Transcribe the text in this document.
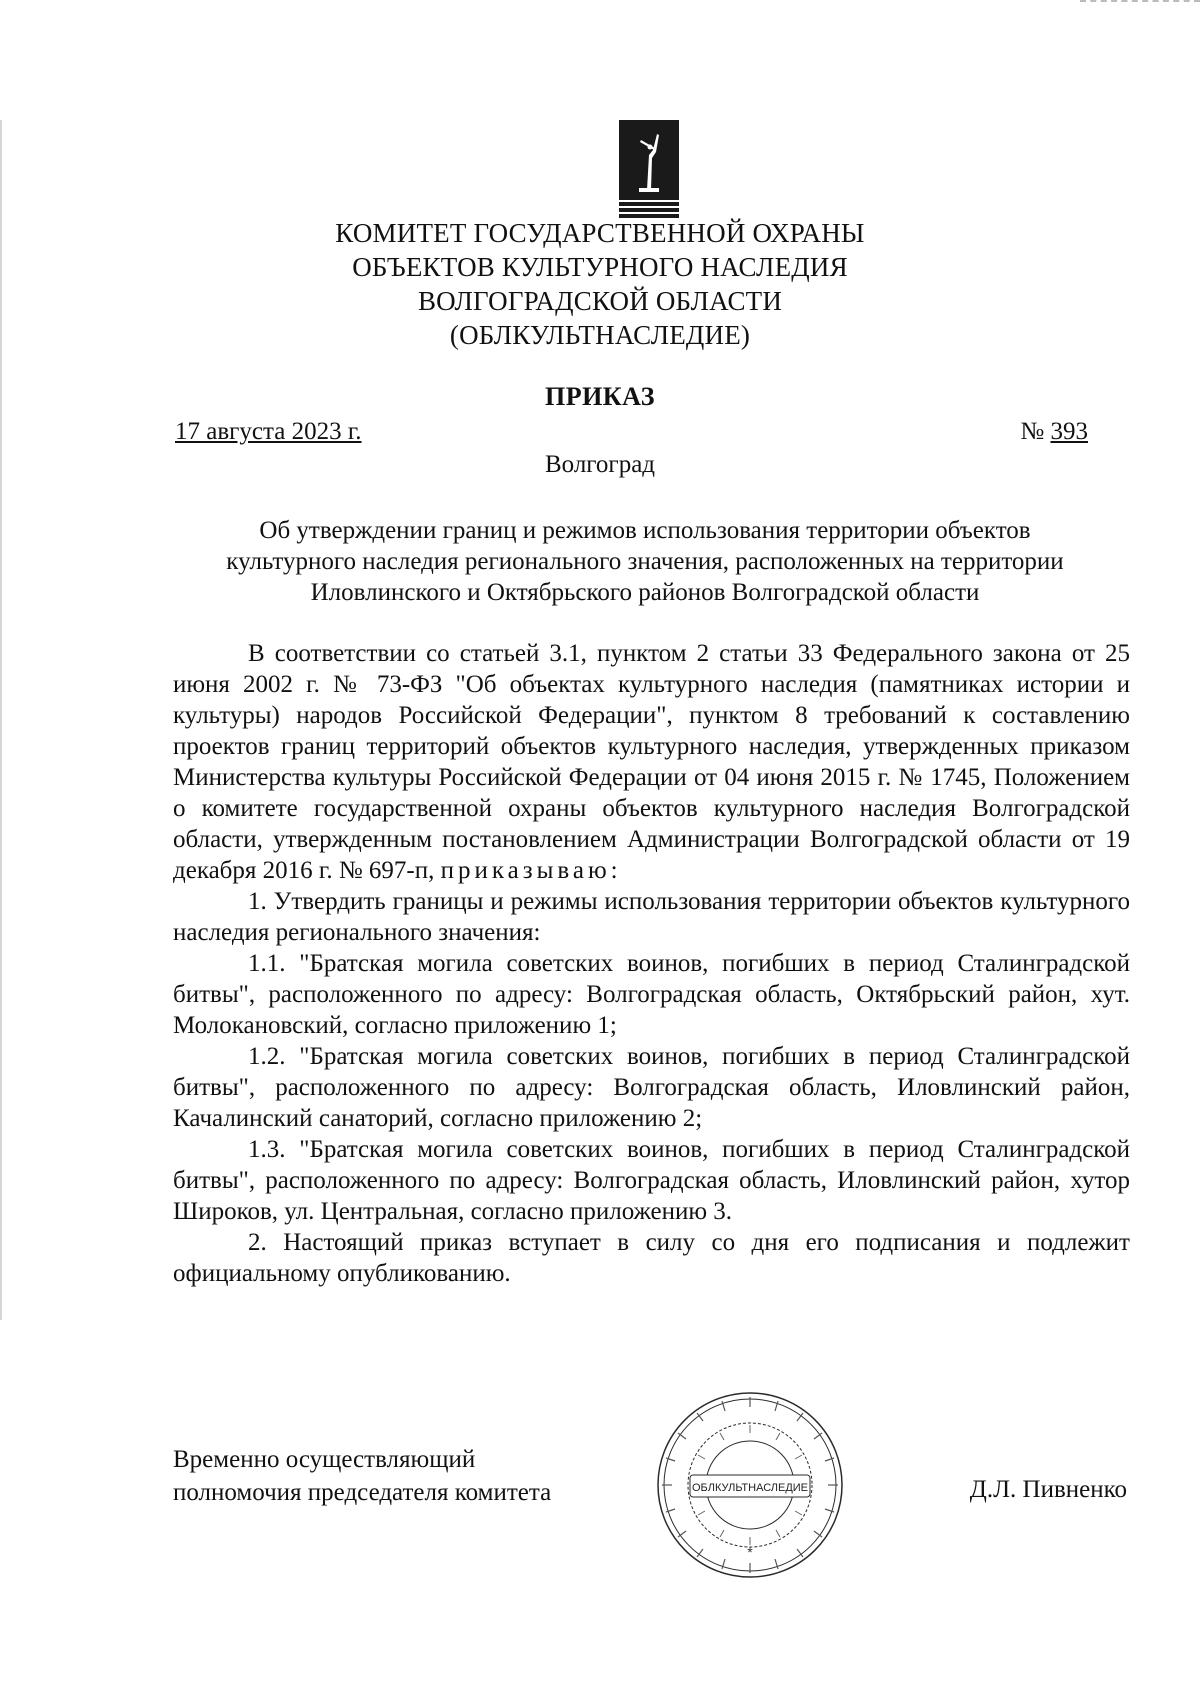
КОМИТЕТ ГОСУДАРСТВЕННОЙ ОХРАНЫ
ОБЪЕКТОВ КУЛЬТУРНОГО НАСЛЕДИЯ
ВОЛГОГРАДСКОЙ ОБЛАСТИ
(ОБЛКУЛЬТНАСЛЕДИЕ)
ПРИКАЗ
17 августа 2023 г.	№ 393
Волгоград
Об утверждении границ и режимов использования территории объектов
культурного наследия регионального значения, расположенных на территории
Иловлинского и Октябрьского районов Волгоградской области

В соответствии со статьей 3.1, пунктом 2 статьи 33 Федерального закона от 25 июня 2002 г. № 73-ФЗ "Об объектах культурного наследия (памятниках истории и культуры) народов Российской Федерации", пунктом 8 требований к составлению проектов границ территорий объектов культурного наследия, утвержденных приказом Министерства культуры Российской Федерации от 04 июня 2015 г. № 1745, Положением о комитете государственной охраны объектов культурного наследия Волгоградской области, утвержденным постановлением Администрации Волгоградской области от 19 декабря 2016 г. № 697-п, приказываю:

1. Утвердить границы и режимы использования территории объектов культурного наследия регионального значения:

1.1. "Братская могила советских воинов, погибших в период Сталинградской битвы", расположенного по адресу: Волгоградская область, Октябрьский район, хут. Молокановский, согласно приложению 1;

1.2. "Братская могила советских воинов, погибших в период Сталинградской битвы", расположенного по адресу: Волгоградская область, Иловлинский район, Качалинский санаторий, согласно приложению 2;

1.3. "Братская могила советских воинов, погибших в период Сталинградской битвы", расположенного по адресу: Волгоградская область, Иловлинский район, хутор Широков, ул. Центральная, согласно приложению 3.

2. Настоящий приказ вступает в силу со дня его подписания и подлежит официальному опубликованию.

Временно осуществляющий
полномочия председателя комитета	ОБЛКУЛЬТНАСЛЕДИЕ
*
Д.Л. Пивненко
